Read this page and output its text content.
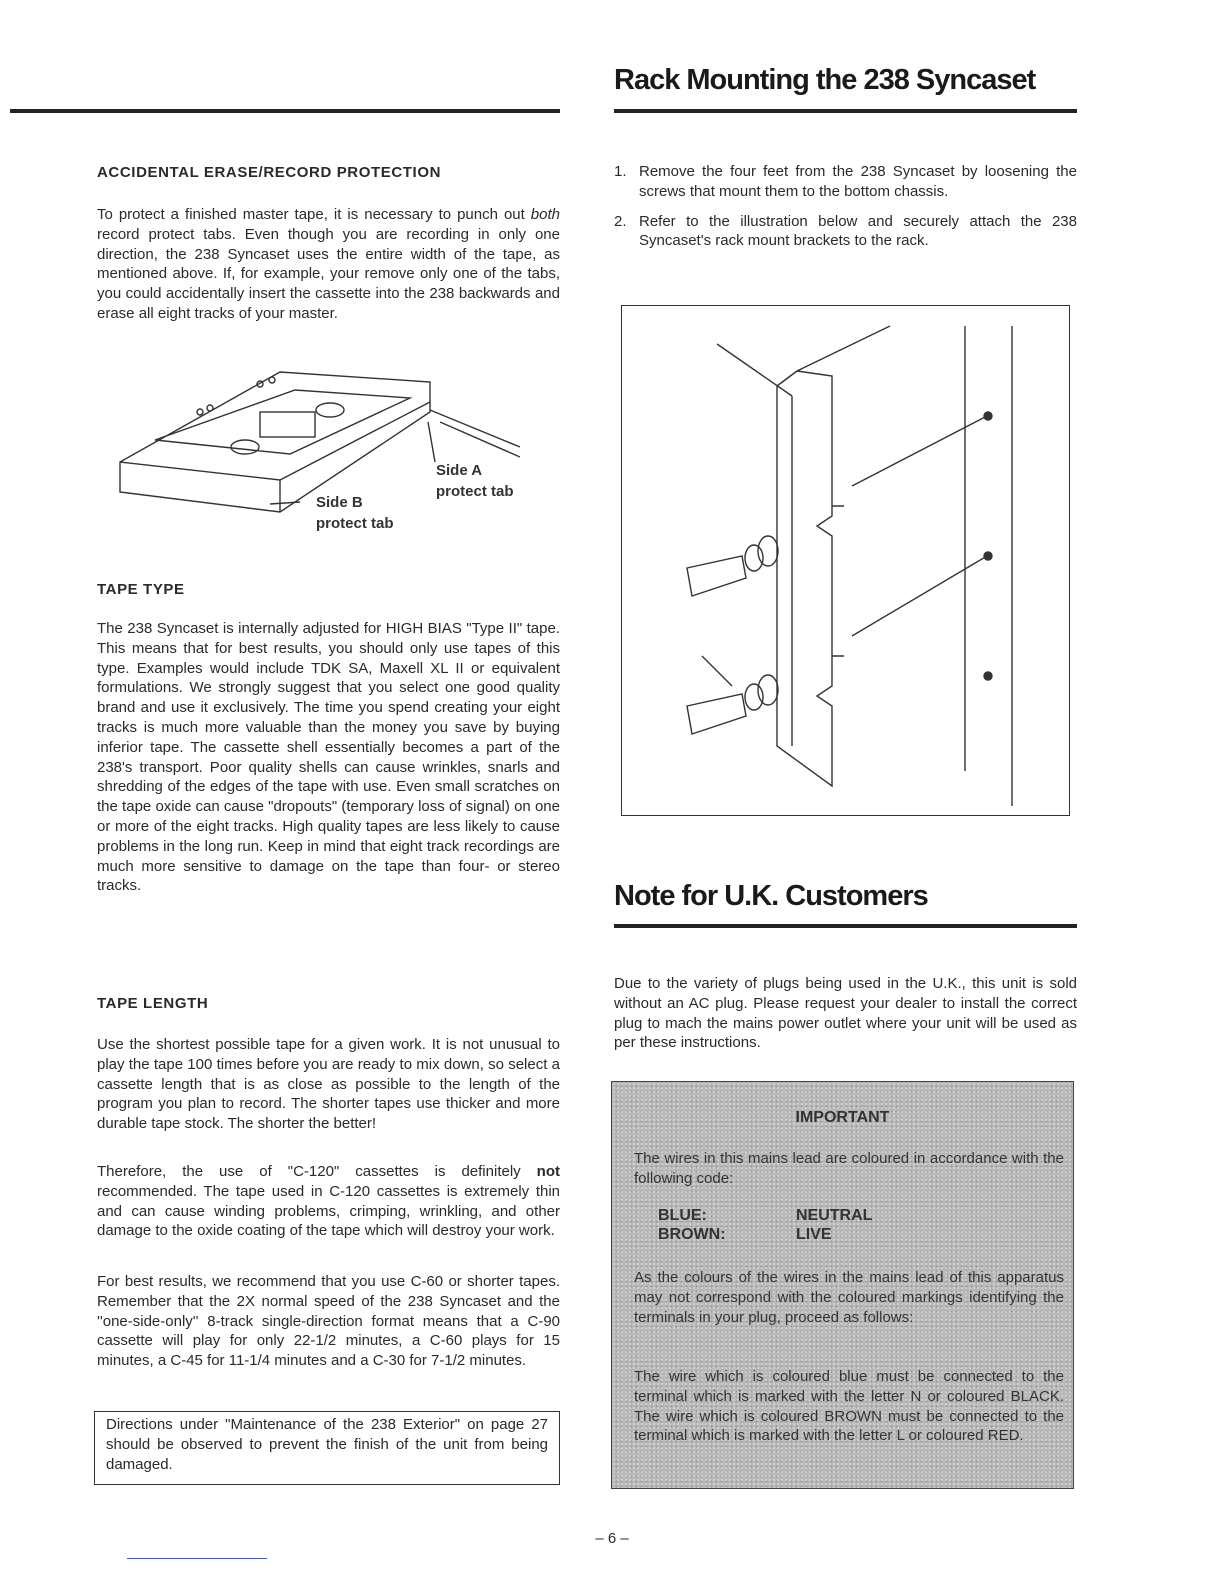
Rack Mounting the 238 Syncaset
ACCIDENTAL ERASE/RECORD PROTECTION

To protect a finished master tape, it is necessary to punch out both record protect tabs. Even though you are recording in only one direction, the 238 Syncaset uses the entire width of the tape, as mentioned above. If, for example, your remove only one of the tabs, you could accidentally insert the cassette into the 238 backwards and erase all eight tracks of your master.

Side A
protect tab
Side B
protect tab
TAPE TYPE

The 238 Syncaset is internally adjusted for HIGH BIAS "Type II" tape. This means that for best results, you should only use tapes of this type. Examples would include TDK SA, Maxell XL II or equivalent formulations. We strongly suggest that you select one good quality brand and use it exclusively. The time you spend creating your eight tracks is much more valuable than the money you save by buying inferior tape. The cassette shell essentially becomes a part of the 238's transport. Poor quality shells can cause wrinkles, snarls and shredding of the edges of the tape with use. Even small scratches on the tape oxide can cause "dropouts" (temporary loss of signal) on one or more of the eight tracks. High quality tapes are less likely to cause problems in the long run. Keep in mind that eight track recordings are much more sensitive to damage on the tape than four- or stereo tracks.

TAPE LENGTH

Use the shortest possible tape for a given work. It is not unusual to play the tape 100 times before you are ready to mix down, so select a cassette length that is as close as possible to the length of the program you plan to record. The shorter tapes use thicker and more durable tape stock. The shorter the better!

Therefore, the use of "C-120" cassettes is definitely not recommended. The tape used in C-120 cassettes is extremely thin and can cause winding problems, crimping, wrinkling, and other damage to the oxide coating of the tape which will destroy your work.

For best results, we recommend that you use C-60 or shorter tapes. Remember that the 2X normal speed of the 238 Syncaset and the ''one-side-only'' 8-track single-direction format means that a C-90 cassette will play for only 22-1/2 minutes, a C-60 plays for 15 minutes, a C-45 for 11-1/4 minutes and a C-30 for 7-1/2 minutes.

Directions under "Maintenance of the 238 Exterior" on page 27 should be observed to prevent the finish of the unit from being damaged.

1. Remove the four feet from the 238 Syncaset by loosening the screws that mount them to the bottom chassis.

2. Refer to the illustration below and securely attach the 238 Syncaset's rack mount brackets to the rack.

Note for U.K. Customers

Due to the variety of plugs being used in the U.K., this unit is sold without an AC plug. Please request your dealer to install the correct plug to mach the mains power outlet where your unit will be used as per these instructions.

IMPORTANT

The wires in this mains lead are coloured in accordance with the following code:

BLUE:	NEUTRAL
BROWN:	LIVE

As the colours of the wires in the mains lead of this apparatus may not correspond with the coloured markings identifying the terminals in your plug, proceed as follows:

The wire which is coloured blue must be connected to the terminal which is marked with the letter N or coloured BLACK. The wire which is coloured BROWN must be connected to the terminal which is marked with the letter L or coloured RED.

– 6 –
